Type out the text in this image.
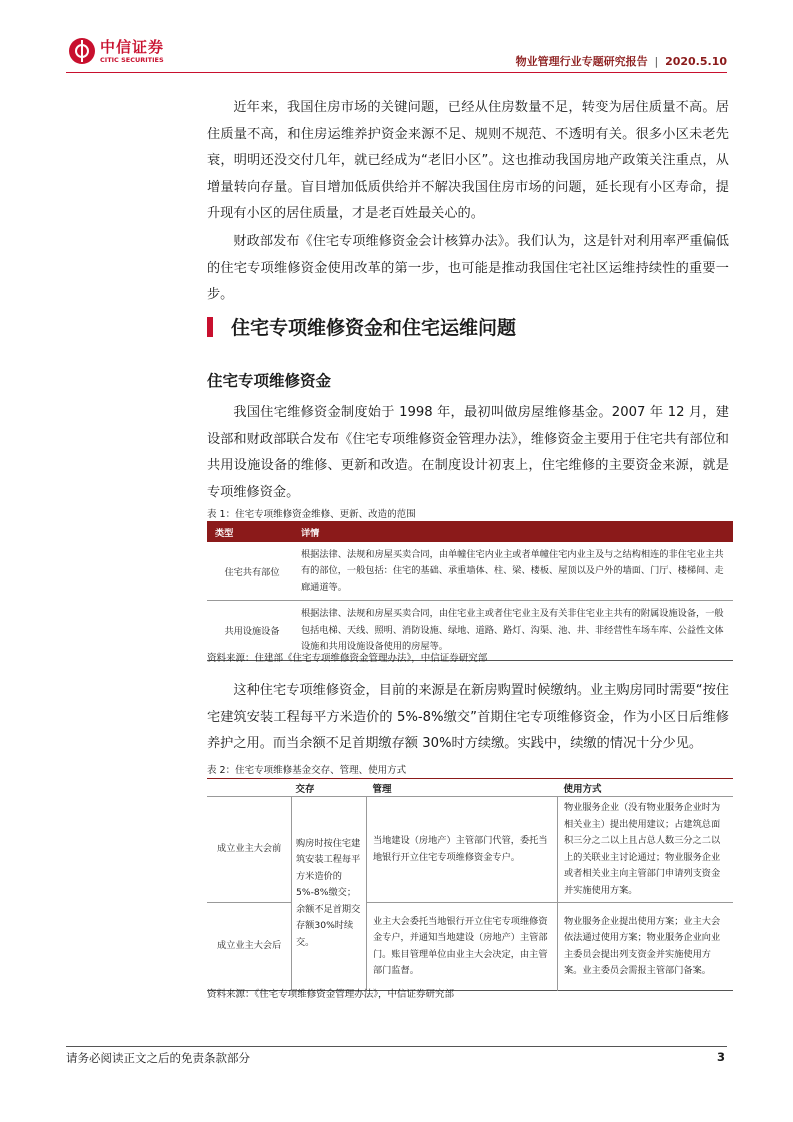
中信证券
CITIC SECURITIES	物业管理行业专题研究报告 | 2020.5.10

近年来，我国住房市场的关键问题，已经从住房数量不足，转变为居住质量不高。居住质量不高，和住房运维养护资金来源不足、规则不规范、不透明有关。很多小区未老先衰，明明还没交付几年，就已经成为“老旧小区”。这也推动我国房地产政策关注重点，从增量转向存量。盲目增加低质供给并不解决我国住房市场的问题，延长现有小区寿命，提升现有小区的居住质量，才是老百姓最关心的。

财政部发布《住宅专项维修资金会计核算办法》。我们认为，这是针对利用率严重偏低的住宅专项维修资金使用改革的第一步，也可能是推动我国住宅社区运维持续性的重要一步。

住宅专项维修资金和住宅运维问题
住宅专项维修资金

我国住宅维修资金制度始于 1998 年，最初叫做房屋维修基金。2007 年 12 月，建设部和财政部联合发布《住宅专项维修资金管理办法》，维修资金主要用于住宅共有部位和共用设施设备的维修、更新和改造。在制度设计初衷上，住宅维修的主要资金来源，就是专项维修资金。

表 1：住宅专项维修资金维修、更新、改造的范围
类型	详情
住宅共有部位	根据法律、法规和房屋买卖合同，由单幢住宅内业主或者单幢住宅内业主及与之结构相连的非住宅业主共有的部位，一般包括：住宅的基础、承重墙体、柱、梁、楼板、屋顶以及户外的墙面、门厅、楼梯间、走廊通道等。
共用设施设备	根据法律、法规和房屋买卖合同，由住宅业主或者住宅业主及有关非住宅业主共有的附属设施设备，一般包括电梯、天线、照明、消防设施、绿地、道路、路灯、沟渠、池、井、非经营性车场车库、公益性文体设施和共用设施设备使用的房屋等。
资料来源：住建部《住宅专项维修资金管理办法》，中信证券研究部

这种住宅专项维修资金，目前的来源是在新房购置时候缴纳。业主购房同时需要“按住宅建筑安装工程每平方米造价的 5%-8%缴交”首期住宅专项维修资金，作为小区日后维修养护之用。而当余额不足首期缴存额 30%时方续缴。实践中，续缴的情况十分少见。

表 2：住宅专项维修基金交存、管理、使用方式
	交存	管理	使用方式
成立业主大会前	购房时按住宅建筑安装工程每平方米造价的5%-8%缴交；余额不足首期交存额30%时续交。	当地建设（房地产）主管部门代管，委托当地银行开立住宅专项维修资金专户。	物业服务企业（没有物业服务企业时为相关业主）提出使用建议；占建筑总面积三分之二以上且占总人数三分之二以上的关联业主讨论通过；物业服务企业或者相关业主向主管部门申请列支资金并实施使用方案。
成立业主大会后		业主大会委托当地银行开立住宅专项维修资金专户，并通知当地建设（房地产）主管部门。账目管理单位由业主大会决定，由主管部门监督。	物业服务企业提出使用方案；业主大会依法通过使用方案；物业服务企业向业主委员会提出列支资金并实施使用方案。业主委员会需报主管部门备案。
资料来源：《住宅专项维修资金管理办法》，中信证券研究部
请务必阅读正文之后的免责条款部分	3
